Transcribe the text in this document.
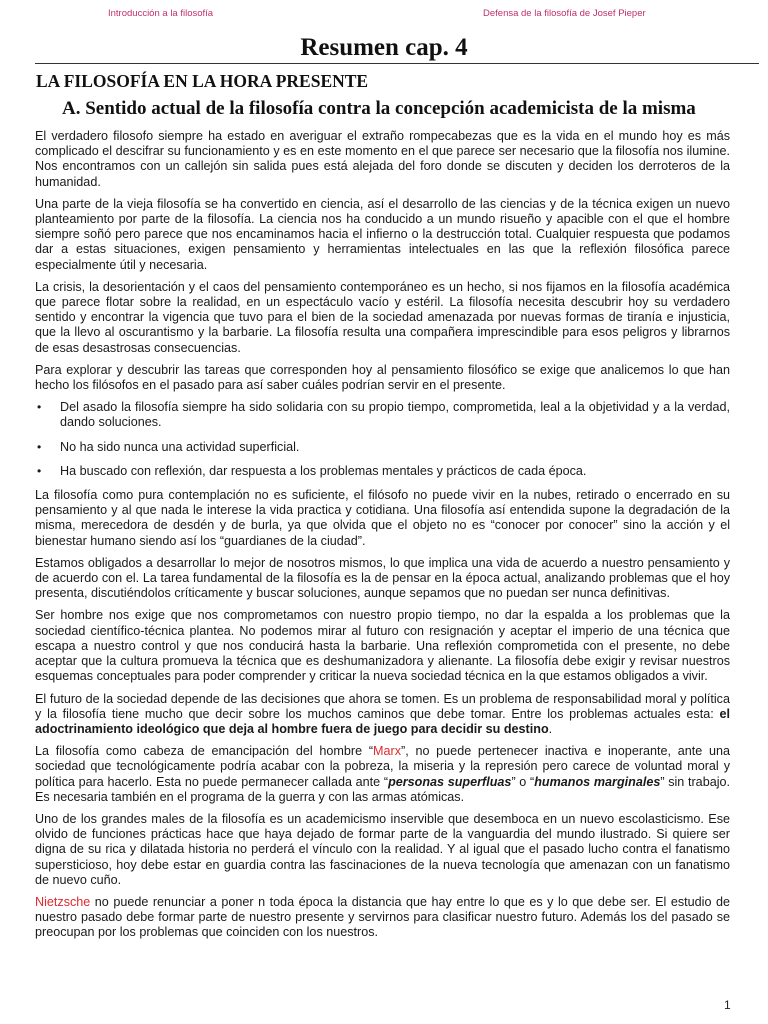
Introducción a la filosofía	Defensa de la filosofía de Josef Pieper
Resumen cap. 4
LA FILOSOFÍA EN LA HORA PRESENTE
A. Sentido actual de la filosofía contra la concepción academicista de la misma

El verdadero filosofo siempre ha estado en averiguar el extraño rompecabezas que es la vida en el mundo hoy es más complicado el descifrar su funcionamiento y es en este momento en el que parece ser necesario que la filosofía nos ilumine. Nos encontramos con un callejón sin salida pues está alejada del foro donde se discuten y deciden los derroteros de la humanidad.

Una parte de la vieja filosofía se ha convertido en ciencia, así el desarrollo de las ciencias y de la técnica exigen un nuevo planteamiento por parte de la filosofía. La ciencia nos ha conducido a un mundo risueño y apacible con el que el hombre siempre soñó pero parece que nos encaminamos hacia el infierno o la destrucción total. Cualquier respuesta que podamos dar a estas situaciones, exigen pensamiento y herramientas intelectuales en las que la reflexión filosófica parece especialmente útil y necesaria.

La crisis, la desorientación y el caos del pensamiento contemporáneo es un hecho, si nos fijamos en la filosofía académica que parece flotar sobre la realidad, en un espectáculo vacío y estéril. La filosofía necesita descubrir hoy su verdadero sentido y encontrar la vigencia que tuvo para el bien de la sociedad amenazada por nuevas formas de tiranía e injusticia, que la llevo al oscurantismo y la barbarie. La filosofía resulta una compañera imprescindible para esos peligros y librarnos de esas desastrosas consecuencias.

Para explorar y descubrir las tareas que corresponden hoy al pensamiento filosófico se exige que analicemos lo que han hecho los filósofos en el pasado para así saber cuáles podrían servir en el presente.

• Del asado la filosofía siempre ha sido solidaria con su propio tiempo, comprometida, leal a la objetividad y a la verdad, dando soluciones.
• No ha sido nunca una actividad superficial.
• Ha buscado con reflexión, dar respuesta a los problemas mentales y prácticos de cada época.

La filosofía como pura contemplación no es suficiente, el filósofo no puede vivir en la nubes, retirado o encerrado en su pensamiento y al que nada le interese la vida practica y cotidiana. Una filosofía así entendida supone la degradación de la misma, merecedora de desdén y de burla, ya que olvida que el objeto no es “conocer por conocer” sino la acción y el bienestar humano siendo así los “guardianes de la ciudad”.

Estamos obligados a desarrollar lo mejor de nosotros mismos, lo que implica una vida de acuerdo a nuestro pensamiento y de acuerdo con el. La tarea fundamental de la filosofía es la de pensar en la época actual, analizando problemas que el hoy presenta, discutiéndolos críticamente y buscar soluciones, aunque sepamos que no puedan ser nunca definitivas.

Ser hombre nos exige que nos comprometamos con nuestro propio tiempo, no dar la espalda a los problemas que la sociedad científico-técnica plantea. No podemos mirar al futuro con resignación y aceptar el imperio de una técnica que escapa a nuestro control y que nos conducirá hasta la barbarie. Una reflexión comprometida con el presente, no debe aceptar que la cultura promueva la técnica que es deshumanizadora y alienante. La filosofía debe exigir y revisar nuestros esquemas conceptuales para poder comprender y criticar la nueva sociedad técnica en la que estamos obligados a vivir.

El futuro de la sociedad depende de las decisiones que ahora se tomen. Es un problema de responsabilidad moral y política y la filosofía tiene mucho que decir sobre los muchos caminos que debe tomar. Entre los problemas actuales esta: el adoctrinamiento ideológico que deja al hombre fuera de juego para decidir su destino.

La filosofía como cabeza de emancipación del hombre “Marx”, no puede pertenecer inactiva e inoperante, ante una sociedad que tecnológicamente podría acabar con la pobreza, la miseria y la represión pero carece de voluntad moral y política para hacerlo. Esta no puede permanecer callada ante “personas superfluas” o “humanos marginales” sin trabajo. Es necesaria también en el programa de la guerra y con las armas atómicas.

Uno de los grandes males de la filosofía es un academicismo inservible que desemboca en un nuevo escolasticismo. Ese olvido de funciones prácticas hace que haya dejado de formar parte de la vanguardia del mundo ilustrado. Si quiere ser digna de su rica y dilatada historia no perderá el vínculo con la realidad. Y al igual que el pasado lucho contra el fanatismo supersticioso, hoy debe estar en guardia contra las fascinaciones de la nueva tecnología que amenazan con un fanatismo de nuevo cuño.

Nietzsche no puede renunciar a poner n toda época la distancia que hay entre lo que es y lo que debe ser. El estudio de nuestro pasado debe formar parte de nuestro presente y servirnos para clasificar nuestro futuro. Además los del pasado se preocupan por los problemas que coinciden con los nuestros.

1
